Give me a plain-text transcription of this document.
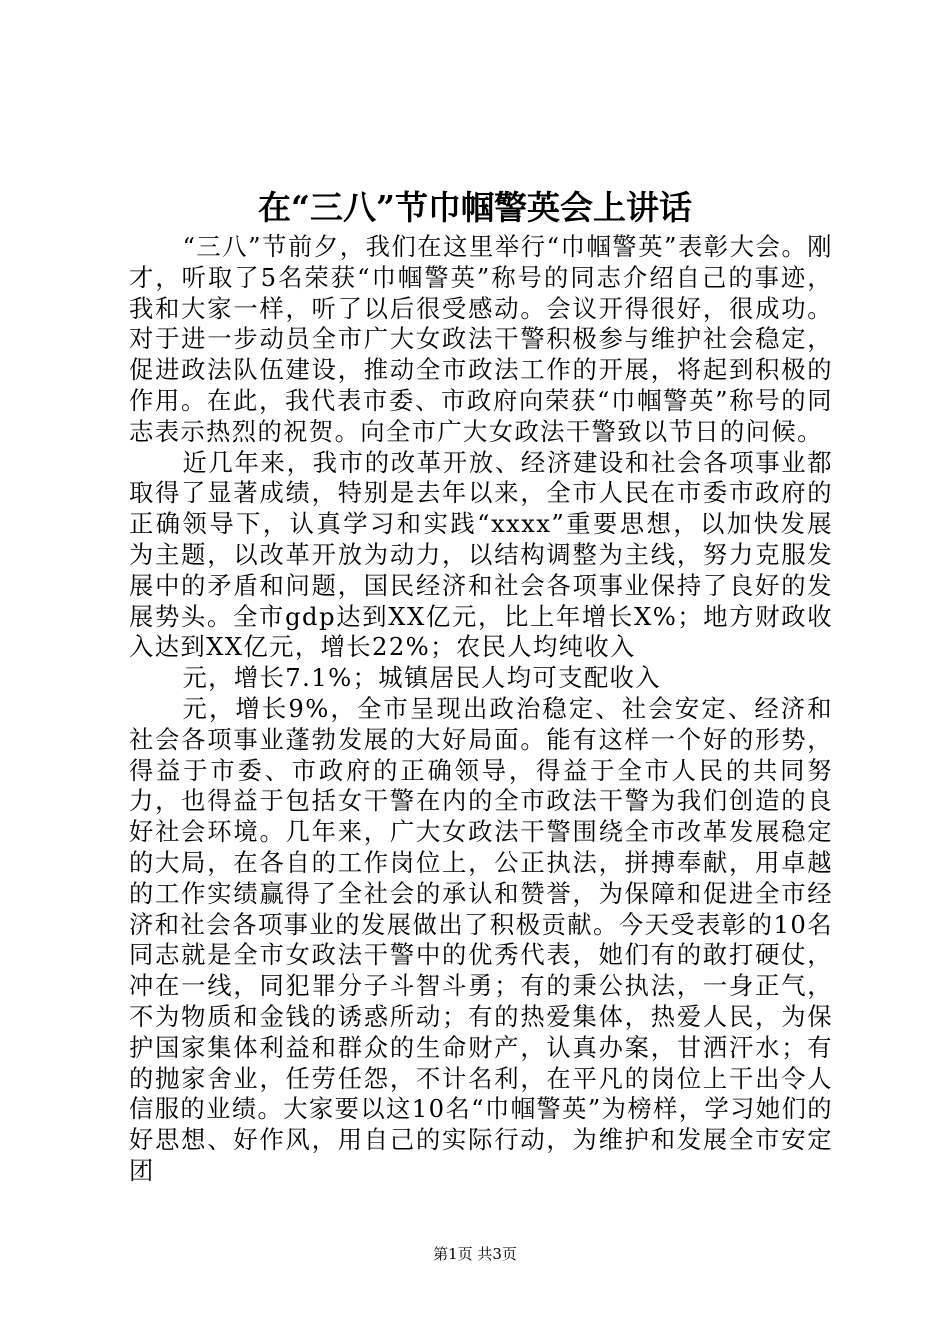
在“三八”节巾帼警英会上讲话

“三八”节前夕，我们在这里举行“巾帼警英”表彰大会。刚才，听取了5名荣获“巾帼警英”称号的同志介绍自己的事迹，我和大家一样，听了以后很受感动。会议开得很好，很成功。对于进一步动员全市广大女政法干警积极参与维护社会稳定，促进政法队伍建设，推动全市政法工作的开展，将起到积极的作用。在此，我代表市委、市政府向荣获“巾帼警英”称号的同志表示热烈的祝贺。向全市广大女政法干警致以节日的问候。

近几年来，我市的改革开放、经济建设和社会各项事业都取得了显著成绩，特别是去年以来，全市人民在市委市政府的正确领导下，认真学习和实践“xxxx”重要思想，以加快发展为主题，以改革开放为动力，以结构调整为主线，努力克服发展中的矛盾和问题，国民经济和社会各项事业保持了良好的发展势头。全市gdp达到XX亿元，比上年增长X%；地方财政收入达到XX亿元，增长22%；农民人均纯收入

元，增长7.1%；城镇居民人均可支配收入

元，增长9%，全市呈现出政治稳定、社会安定、经济和社会各项事业蓬勃发展的大好局面。能有这样一个好的形势，得益于市委、市政府的正确领导，得益于全市人民的共同努力，也得益于包括女干警在内的全市政法干警为我们创造的良好社会环境。几年来，广大女政法干警围绕全市改革发展稳定的大局，在各自的工作岗位上，公正执法，拼搏奉献，用卓越的工作实绩赢得了全社会的承认和赞誉，为保障和促进全市经济和社会各项事业的发展做出了积极贡献。今天受表彰的10名同志就是全市女政法干警中的优秀代表，她们有的敢打硬仗，冲在一线，同犯罪分子斗智斗勇；有的秉公执法，一身正气，不为物质和金钱的诱惑所动；有的热爱集体，热爱人民，为保护国家集体利益和群众的生命财产，认真办案，甘洒汗水；有的抛家舍业，任劳任怨，不计名利，在平凡的岗位上干出令人信服的业绩。大家要以这10名“巾帼警英”为榜样，学习她们的好思想、好作风，用自己的实际行动，为维护和发展全市安定团

第1页 共3页
